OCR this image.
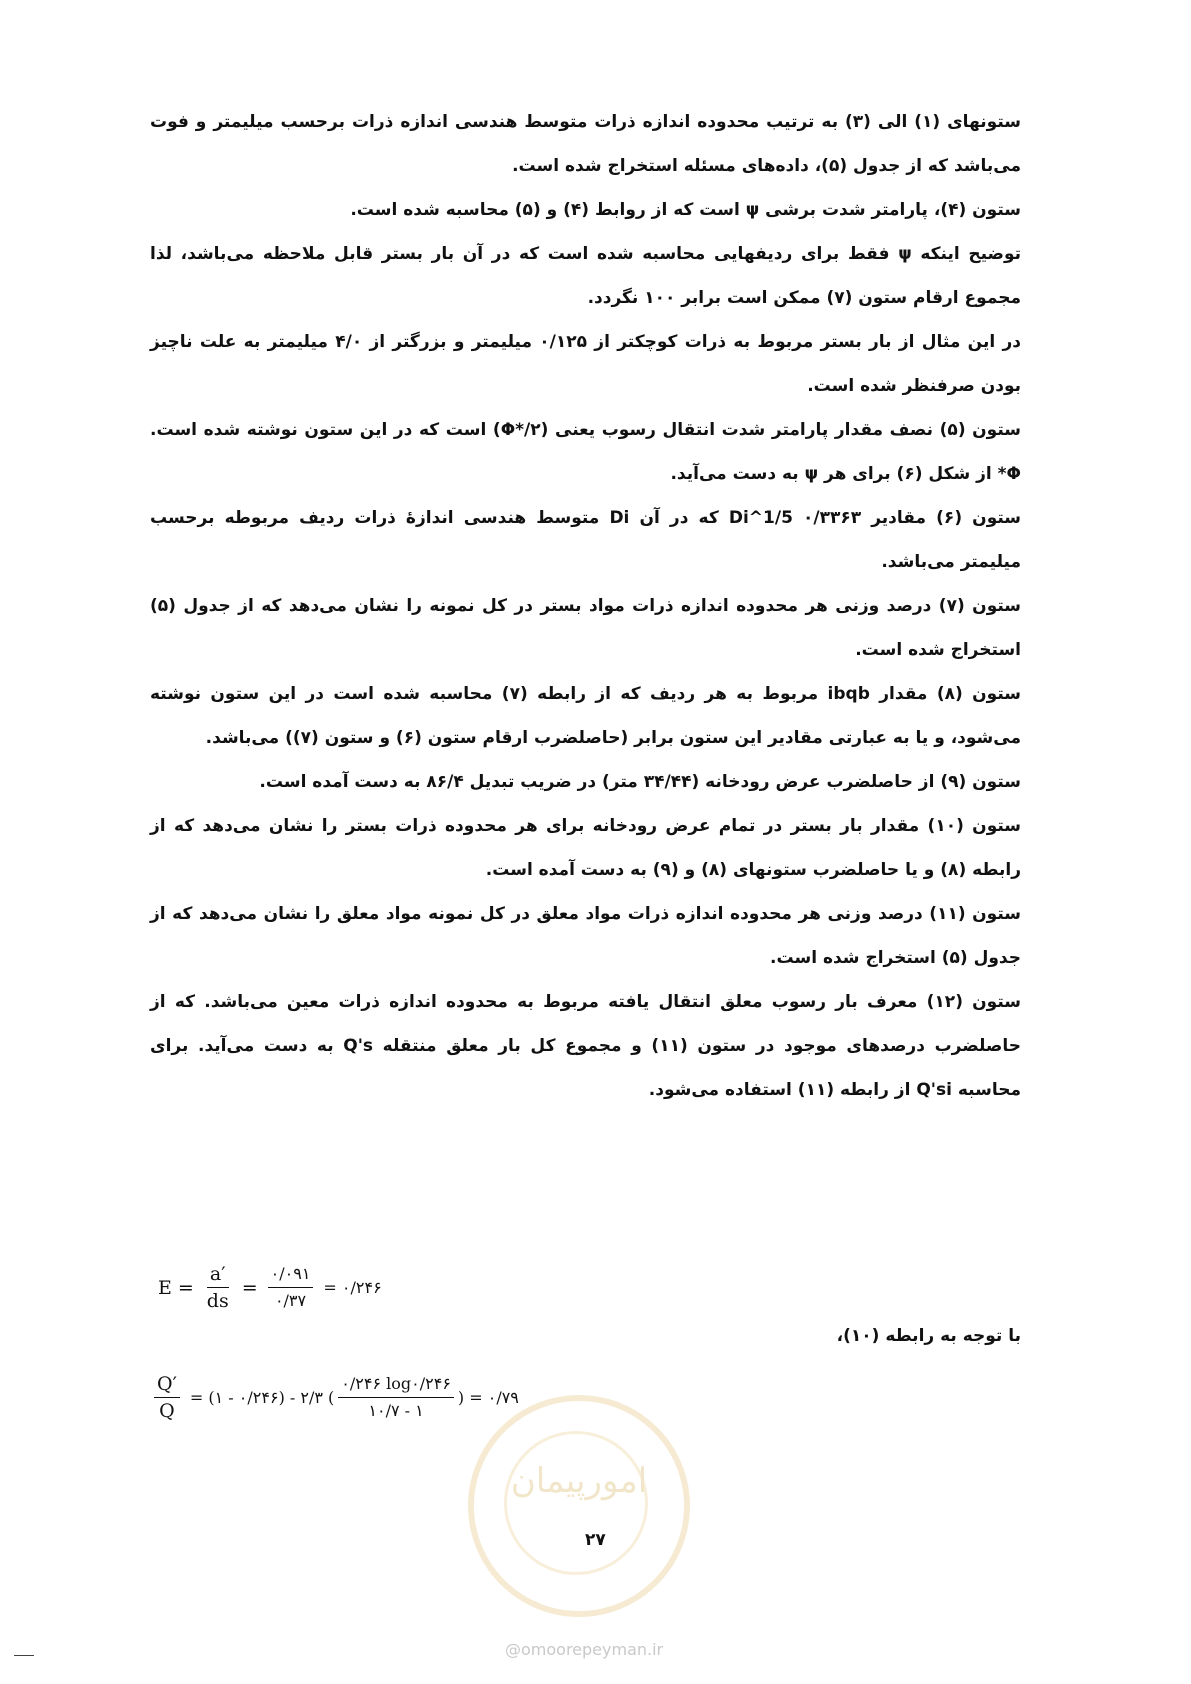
ستونهای (۱) الی (۳) به ترتیب محدوده اندازه ذرات متوسط هندسی اندازه ذرات برحسب میلیمتر و فوت می‌باشد که از جدول (۵)، داده‌های مسئله استخراج شده است.

ستون (۴)، پارامتر شدت برشی ψ است که از روابط (۴) و (۵) محاسبه شده است.

توضیح اینکه ψ فقط برای ردیفهایی محاسبه شده است که در آن بار بستر قابل ملاحظه می‌باشد، لذا مجموع ارقام ستون (۷) ممکن است برابر ۱۰۰ نگردد.

در این مثال از بار بستر مربوط به ذرات کوچکتر از ۰/۱۲۵ میلیمتر و بزرگتر از ۴/۰ میلیمتر به علت ناچیز بودن صرفنظر شده است.

ستون (۵) نصف مقدار پارامتر شدت انتقال رسوب یعنی (Φ*/۲) است که در این ستون نوشته شده است. Φ* از شکل (۶) برای هر ψ به دست می‌آید.

ستون (۶) مقادیر ۰/۳۳۶۳ Di^1/5 که در آن Di متوسط هندسی اندازهٔ ذرات ردیف مربوطه برحسب میلیمتر می‌باشد.

ستون (۷) درصد وزنی هر محدوده اندازه ذرات مواد بستر در کل نمونه را نشان می‌دهد که از جدول (۵) استخراج شده است.

ستون (۸) مقدار ibqb مربوط به هر ردیف که از رابطه (۷) محاسبه شده است در این ستون نوشته می‌شود، و یا به عبارتی مقادیر این ستون برابر (حاصلضرب ارقام ستون (۶) و ستون (۷)) می‌باشد.

ستون (۹) از حاصلضرب عرض رودخانه (۳۴/۴۴ متر) در ضریب تبدیل ۸۶/۴ به دست آمده است.

ستون (۱۰) مقدار بار بستر در تمام عرض رودخانه برای هر محدوده ذرات بستر را نشان می‌دهد که از رابطه (۸) و یا حاصلضرب ستونهای (۸) و (۹) به دست آمده است.

ستون (۱۱) درصد وزنی هر محدوده اندازه ذرات مواد معلق در کل نمونه مواد معلق را نشان می‌دهد که از جدول (۵) استخراج شده است.

ستون (۱۲) معرف بار رسوب معلق انتقال یافته مربوط به محدوده اندازه ذرات معین می‌باشد. که از حاصلضرب درصدهای موجود در ستون (۱۱) و مجموع کل بار معلق منتقله Q's به دست می‌آید. برای محاسبه Q'si از رابطه (۱۱) استفاده می‌شود.

$E = \frac{a'}{ds} = \frac{۰/۰۹۱}{۰/۳۷}$ = ۰/۲۴۶
با توجه به رابطه (۱۰)،
$\frac{Q'}{Q}$ = (۱ - ۰/۲۴۶) - ۲/۳ ( $\frac{۰/۲۴۶ \log ۰/۲۴۶}{۱۰/۷ - ۱}$ ) = ۰/۷۹
امورپیمان
۲۷
@omoorepeyman.ir
